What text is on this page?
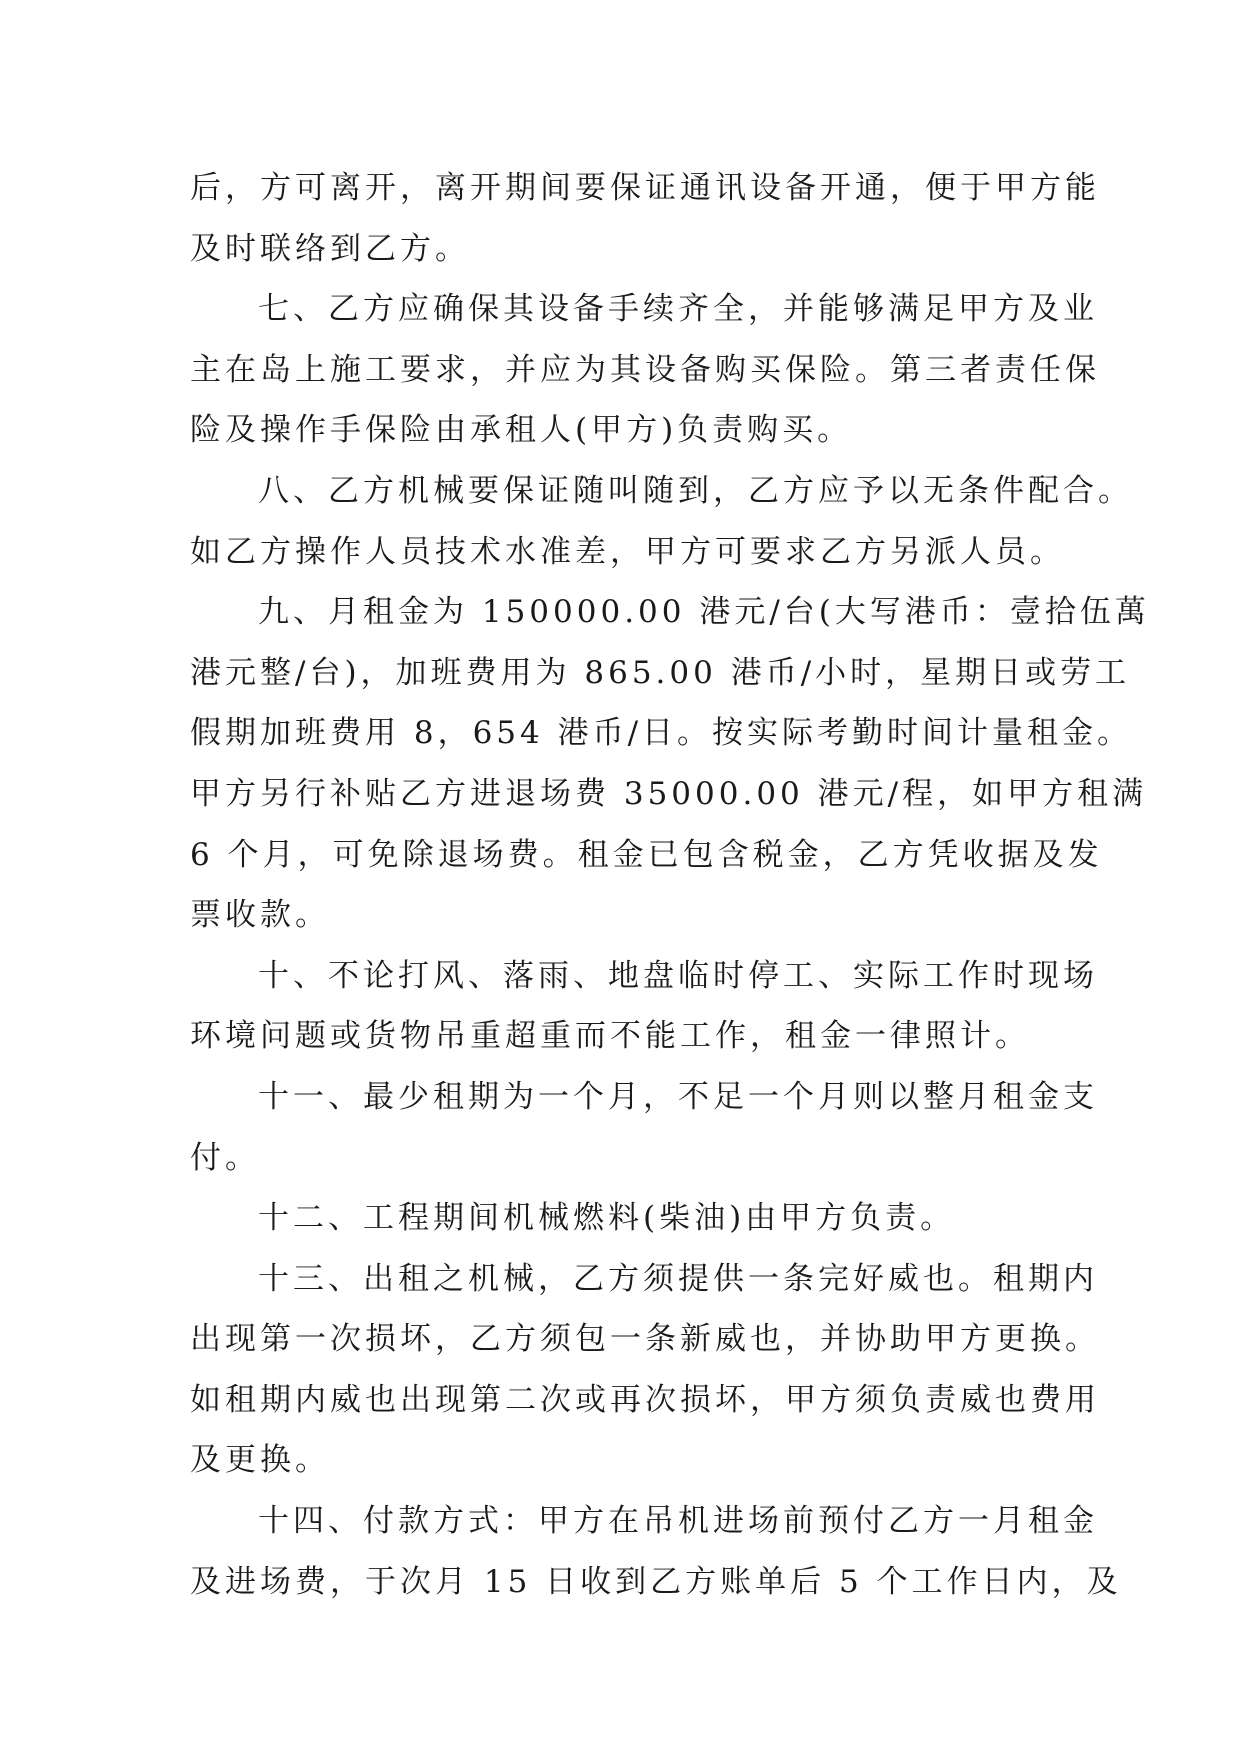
后，方可离开，离开期间要保证通讯设备开通，便于甲方能
及时联络到乙方。
七、乙方应确保其设备手续齐全，并能够满足甲方及业
主在岛上施工要求，并应为其设备购买保险。第三者责任保
险及操作手保险由承租人(甲方)负责购买。
八、乙方机械要保证随叫随到，乙方应予以无条件配合。
如乙方操作人员技术水准差，甲方可要求乙方另派人员。
九、月租金为 150000.00 港元/台(大写港币：壹拾伍萬
港元整/台)，加班费用为 865.00 港币/小时，星期日或劳工
假期加班费用 8，654 港币/日。按实际考勤时间计量租金。
甲方另行补贴乙方进退场费 35000.00 港元/程，如甲方租满
6 个月，可免除退场费。租金已包含税金，乙方凭收据及发
票收款。
十、不论打风、落雨、地盘临时停工、实际工作时现场
环境问题或货物吊重超重而不能工作，租金一律照计。
十一、最少租期为一个月，不足一个月则以整月租金支
付。
十二、工程期间机械燃料(柴油)由甲方负责。
十三、出租之机械，乙方须提供一条完好威也。租期内
出现第一次损坏，乙方须包一条新威也，并协助甲方更换。
如租期内威也出现第二次或再次损坏，甲方须负责威也费用
及更换。
十四、付款方式：甲方在吊机进场前预付乙方一月租金
及进场费，于次月 15 日收到乙方账单后 5 个工作日内，及
